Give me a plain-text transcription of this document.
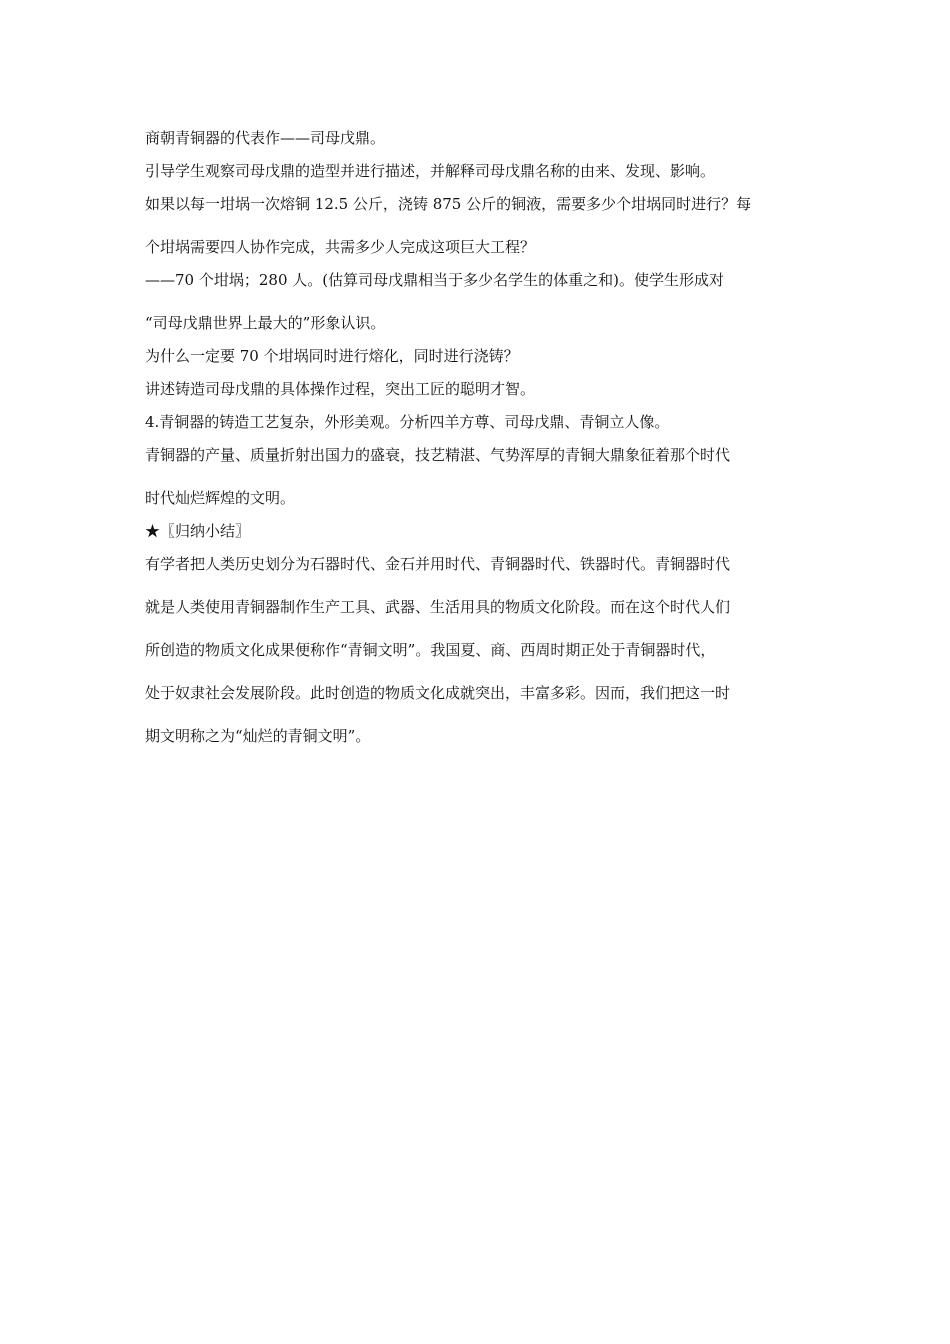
商朝青铜器的代表作——司母戊鼎。

引导学生观察司母戊鼎的造型并进行描述，并解释司母戊鼎名称的由来、发现、影响。

如果以每一坩埚一次熔铜 12.5 公斤，浇铸 875 公斤的铜液，需要多少个坩埚同时进行？每

个坩埚需要四人协作完成，共需多少人完成这项巨大工程？

——70 个坩埚；280 人。(估算司母戊鼎相当于多少名学生的体重之和)。使学生形成对

“司母戊鼎世界上最大的”形象认识。

为什么一定要 70 个坩埚同时进行熔化，同时进行浇铸？

讲述铸造司母戊鼎的具体操作过程，突出工匠的聪明才智。

4.青铜器的铸造工艺复杂，外形美观。分析四羊方尊、司母戊鼎、青铜立人像。

青铜器的产量、质量折射出国力的盛衰，技艺精湛、气势浑厚的青铜大鼎象征着那个时代

时代灿烂辉煌的文明。

★〖归纳小结〗

有学者把人类历史划分为石器时代、金石并用时代、青铜器时代、铁器时代。青铜器时代

就是人类使用青铜器制作生产工具、武器、生活用具的物质文化阶段。而在这个时代人们

所创造的物质文化成果便称作“青铜文明”。我国夏、商、西周时期正处于青铜器时代，

处于奴隶社会发展阶段。此时创造的物质文化成就突出，丰富多彩。因而，我们把这一时

期文明称之为“灿烂的青铜文明”。
